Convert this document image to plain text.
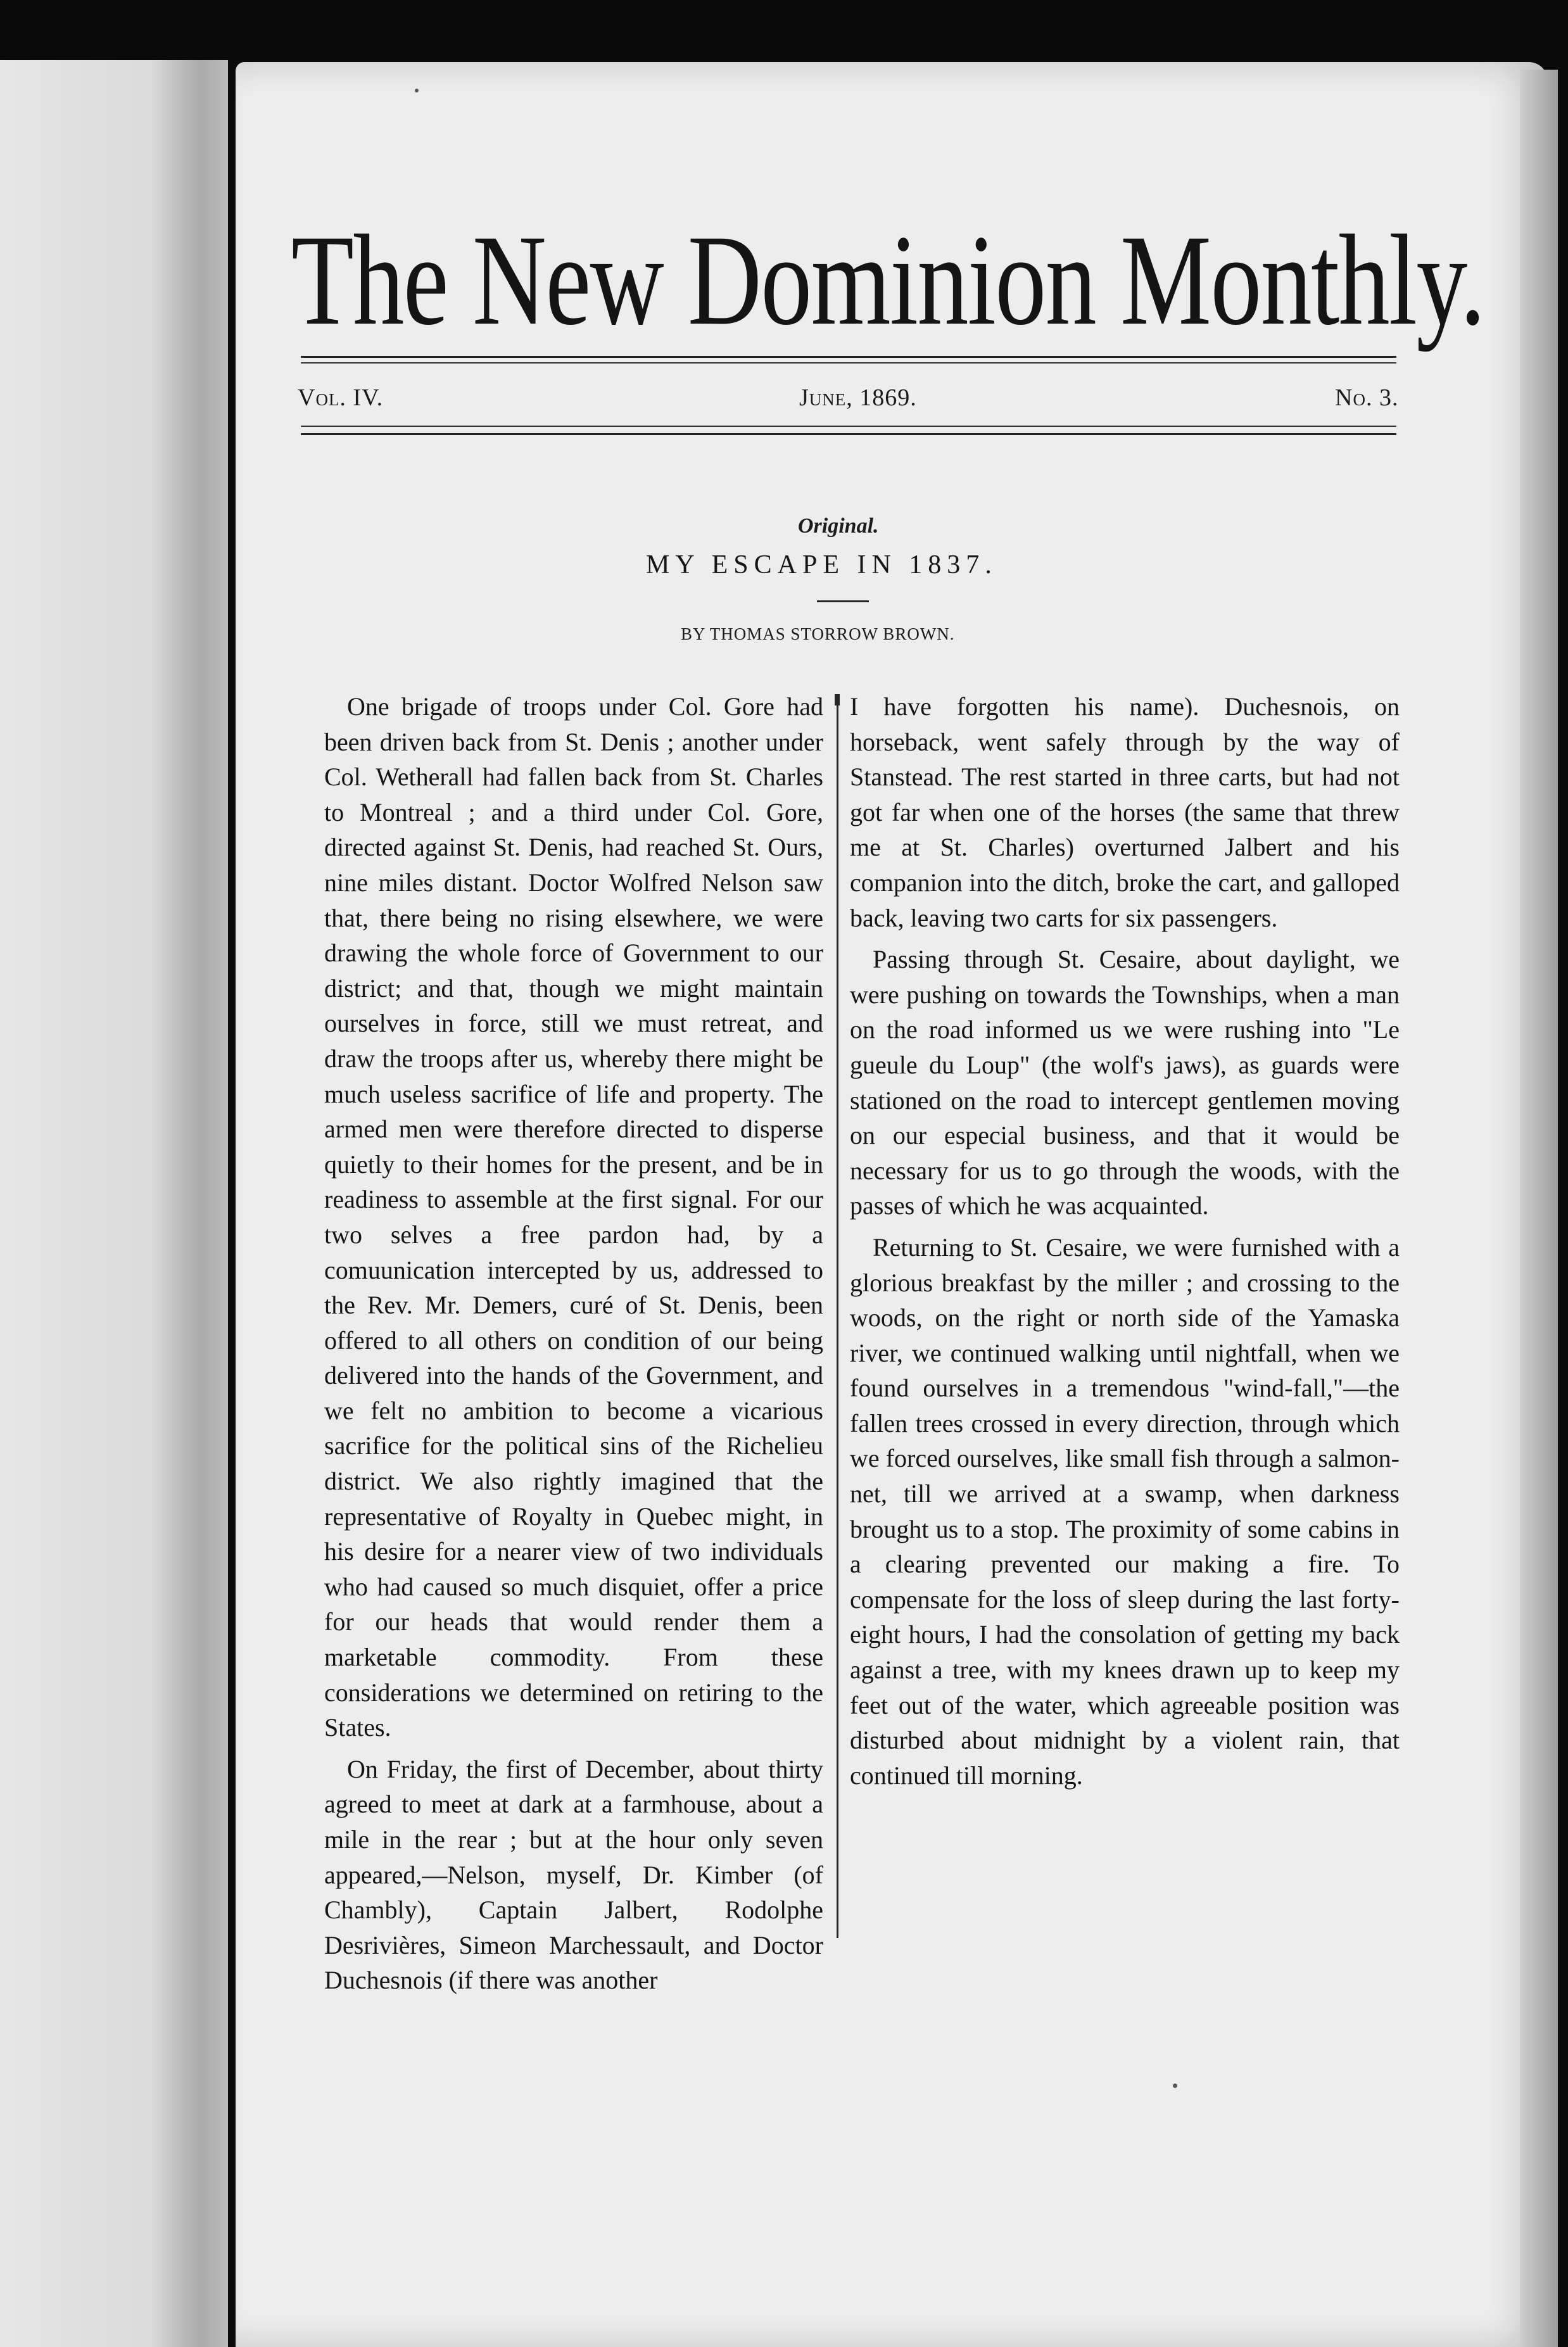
The New Dominion Monthly.
Vol. IV.	June, 1869.	No. 3.
Original.
MY ESCAPE IN 1837.
BY THOMAS STORROW BROWN.

One brigade of troops under Col. Gore had been driven back from St. Denis ; another under Col. Wetherall had fallen back from St. Charles to Montreal ; and a third under Col. Gore, directed against St. Denis, had reached St. Ours, nine miles distant. Doctor Wolfred Nelson saw that, there being no rising elsewhere, we were drawing the whole force of Government to our district; and that, though we might maintain ourselves in force, still we must retreat, and draw the troops after us, whereby there might be much useless sacrifice of life and property. The armed men were therefore directed to disperse quietly to their homes for the present, and be in readiness to assemble at the first signal. For our two selves a free pardon had, by a comuunication intercepted by us, addressed to the Rev. Mr. Demers, curé of St. Denis, been offered to all others on condition of our being delivered into the hands of the Government, and we felt no ambition to become a vicarious sacrifice for the political sins of the Richelieu district. We also rightly imagined that the representative of Royalty in Quebec might, in his desire for a nearer view of two individuals who had caused so much disquiet, offer a price for our heads that would render them a marketable commodity. From these considerations we determined on retiring to the States.

On Friday, the first of December, about thirty agreed to meet at dark at a farmhouse, about a mile in the rear ; but at the hour only seven appeared,—Nelson, myself, Dr. Kimber (of Chambly), Captain Jalbert, Rodolphe Desrivières, Simeon Marchessault, and Doctor Duchesnois (if there was another

I have forgotten his name). Duchesnois, on horseback, went safely through by the way of Stanstead. The rest started in three carts, but had not got far when one of the horses (the same that threw me at St. Charles) overturned Jalbert and his companion into the ditch, broke the cart, and galloped back, leaving two carts for six passengers.

Passing through St. Cesaire, about daylight, we were pushing on towards the Townships, when a man on the road informed us we were rushing into "Le gueule du Loup" (the wolf's jaws), as guards were stationed on the road to intercept gentlemen moving on our especial business, and that it would be necessary for us to go through the woods, with the passes of which he was acquainted.

Returning to St. Cesaire, we were furnished with a glorious breakfast by the miller ; and crossing to the woods, on the right or north side of the Yamaska river, we continued walking until nightfall, when we found ourselves in a tremendous "wind-fall,"—the fallen trees crossed in every direction, through which we forced ourselves, like small fish through a salmon-net, till we arrived at a swamp, when darkness brought us to a stop. The proximity of some cabins in a clearing prevented our making a fire. To compensate for the loss of sleep during the last forty-eight hours, I had the consolation of getting my back against a tree, with my knees drawn up to keep my feet out of the water, which agreeable position was disturbed about midnight by a violent rain, that continued till morning.
